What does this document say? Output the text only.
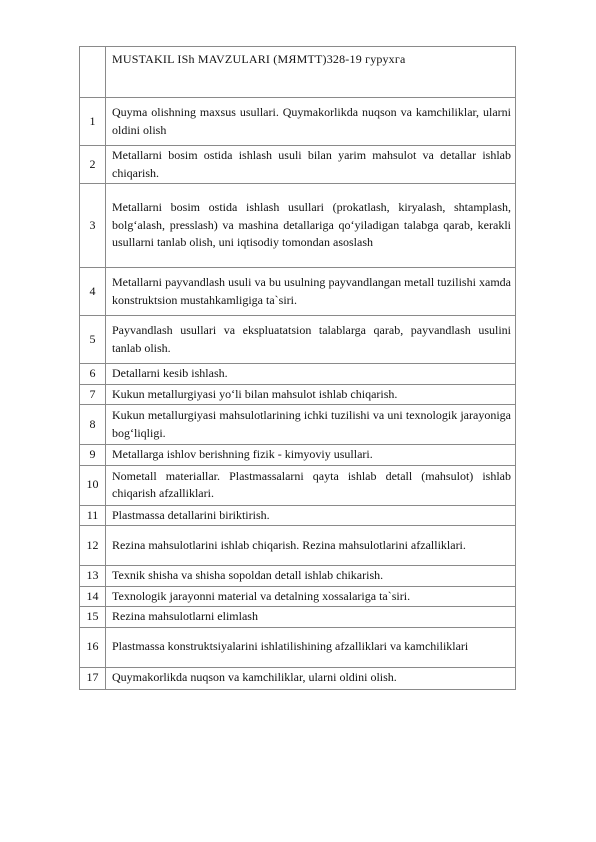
	MUSTAKIL ISh MAVZULARI (МЯМТТ)328-19 гурухга
1	Quyma olishning maxsus usullari. Quymakorlikda nuqson va kamchiliklar, ularni oldini olish
2	Metallarni bosim ostida ishlash usuli bilan yarim mahsulot va detallar ishlab chiqarish.
3	Metallarni bosim ostida ishlash usullari (prokatlash, kiryalash, shtamplash, bolg‘alash, presslash) va mashina detallariga qo‘yiladigan talabga qarab, kerakli usullarni tanlab olish, uni iqtisodiy tomondan asoslash
4	Metallarni payvandlash usuli va bu usulning payvandlangan metall tuzilishi xamda konstruktsion mustahkamligiga ta`siri.
5	Payvandlash usullari va ekspluatatsion talablarga qarab, payvandlash usulini tanlab olish.
6	Detallarni kesib ishlash.
7	Kukun metallurgiyasi yo‘li bilan mahsulot ishlab chiqarish.
8	Kukun metallurgiyasi mahsulotlarining ichki tuzilishi va uni texnologik jarayoniga bog‘liqligi.
9	Metallarga ishlov berishning fizik - kimyoviy usullari.
10	Nometall materiallar. Plastmassalarni qayta ishlab detall (mahsulot) ishlab chiqarish afzalliklari.
11	Plastmassa detallarini biriktirish.
12	Rezina mahsulotlarini ishlab chiqarish. Rezina mahsulotlarini afzalliklari.
13	Texnik shisha va shisha sopoldan detall ishlab chikarish.
14	Texnologik jarayonni material va detalning xossalariga ta`siri.
15	Rezina mahsulotlarni elimlash
16	Plastmassa konstruktsiyalarini ishlatilishining afzalliklari va kamchiliklari
17	Quymakorlikda nuqson va kamchiliklar, ularni oldini olish.
